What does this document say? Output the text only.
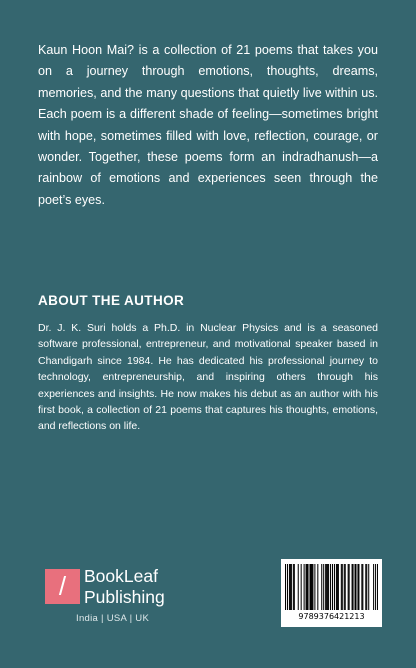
Kaun Hoon Mai? is a collection of 21 poems that takes you on a journey through emotions, thoughts, dreams, memories, and the many questions that quietly live within us. Each poem is a different shade of feeling—sometimes bright with hope, sometimes filled with love, reflection, courage, or wonder. Together, these poems form an indradhanush—a rainbow of emotions and experiences seen through the poet’s eyes.

ABOUT THE AUTHOR

Dr. J. K. Suri holds a Ph.D. in Nuclear Physics and is a seasoned software professional, entrepreneur, and motivational speaker based in Chandigarh since 1984. He has dedicated his professional journey to technology, entrepreneurship, and inspiring others through his experiences and insights. He now makes his debut as an author with his first book, a collection of 21 poems that captures his thoughts, emotions, and reflections on life.

/	BookLeaf
Publishing
India | USA | UK	9789376421213
